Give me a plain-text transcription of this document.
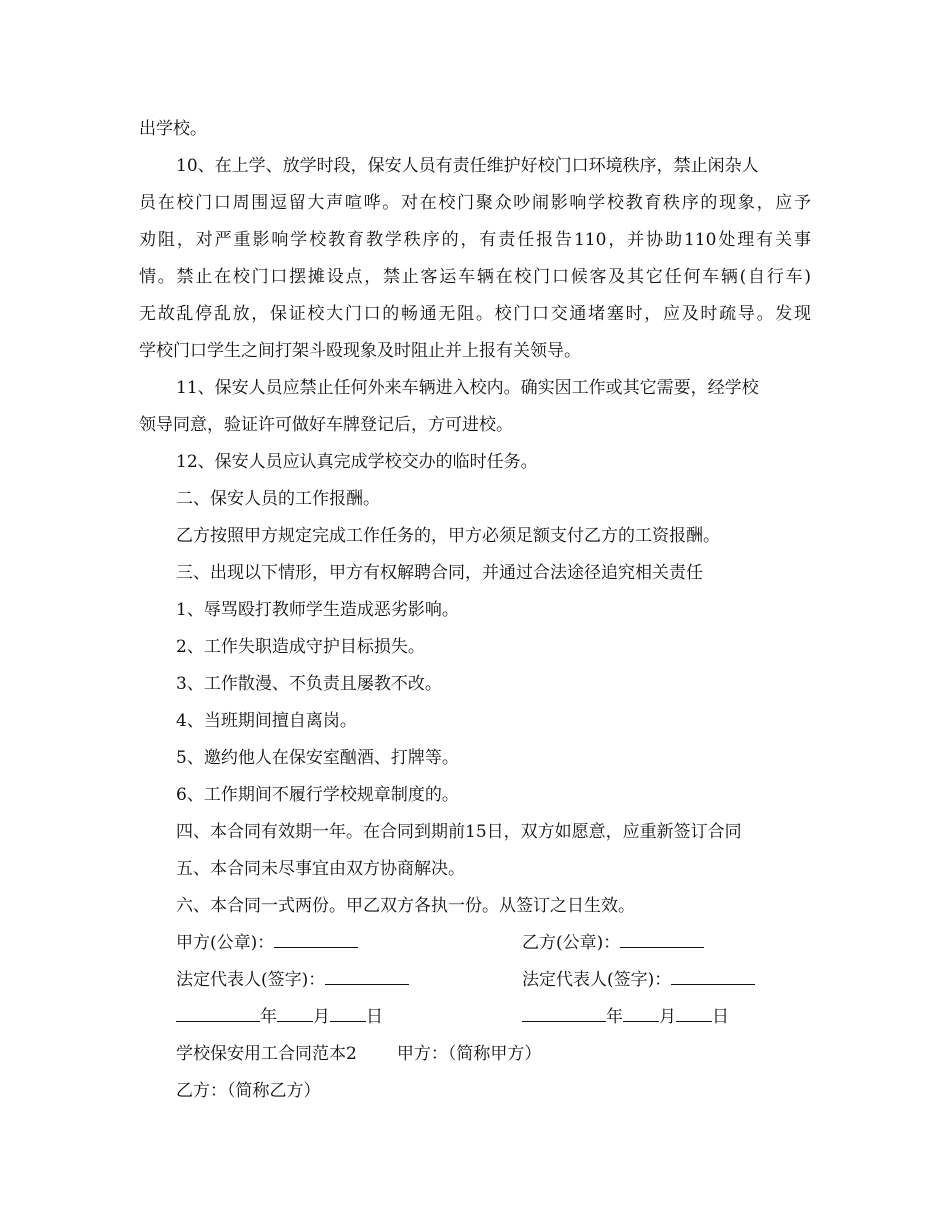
出学校。
10、在上学、放学时段，保安人员有责任维护好校门口环境秩序，禁止闲杂人
员在校门口周围逗留大声喧哗。对在校门聚众吵闹影响学校教育秩序的现象，应予
劝阻，对严重影响学校教育教学秩序的，有责任报告110，并协助110处理有关事
情。禁止在校门口摆摊设点，禁止客运车辆在校门口候客及其它任何车辆(自行车)
无故乱停乱放，保证校大门口的畅通无阻。校门口交通堵塞时，应及时疏导。发现
学校门口学生之间打架斗殴现象及时阻止并上报有关领导。
11、保安人员应禁止任何外来车辆进入校内。确实因工作或其它需要，经学校
领导同意，验证许可做好车牌登记后，方可进校。
12、保安人员应认真完成学校交办的临时任务。
二、保安人员的工作报酬。
乙方按照甲方规定完成工作任务的，甲方必须足额支付乙方的工资报酬。
三、出现以下情形，甲方有权解聘合同，并通过合法途径追究相关责任
1、辱骂殴打教师学生造成恶劣影响。
2、工作失职造成守护目标损失。
3、工作散漫、不负责且屡教不改。
4、当班期间擅自离岗。
5、邀约他人在保安室酗酒、打牌等。
6、工作期间不履行学校规章制度的。
四、本合同有效期一年。在合同到期前15日，双方如愿意，应重新签订合同
五、本合同未尽事宜由双方协商解决。
六、本合同一式两份。甲乙双方各执一份。从签订之日生效。
甲方(公章)：	乙方(公章)：
法定代表人(签字)：	法定代表人(签字)：
年 月 日	年 月 日
学校保安用工合同范本2 甲方：（简称甲方）
乙方：（简称乙方）
